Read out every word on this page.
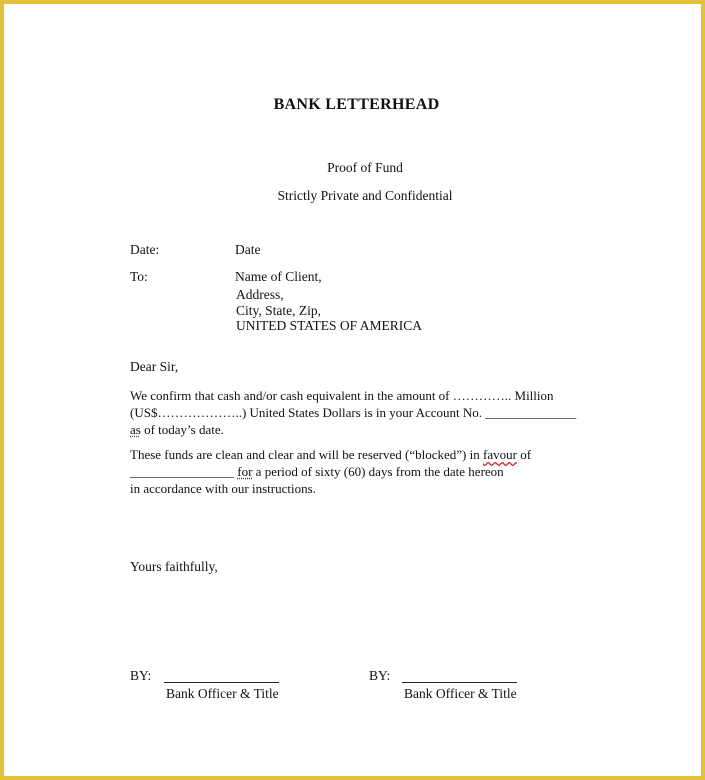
BANK LETTERHEAD
Proof of Fund
Strictly Private and Confidential
Date:	Date
To:	Name of Client,
Address,
City, State, Zip,
UNITED STATES OF AMERICA
Dear Sir,
We confirm that cash and/or cash equivalent in the amount of ………….. Million
(US$………………..) United States Dollars is in your Account No. ______________
as of today’s date.
These funds are clean and clear and will be reserved (“blocked”) in favour of
________________ for a period of sixty (60) days from the date hereon
in accordance with our instructions.
Yours faithfully,
BY:
Bank Officer & Title
BY:
Bank Officer & Title
